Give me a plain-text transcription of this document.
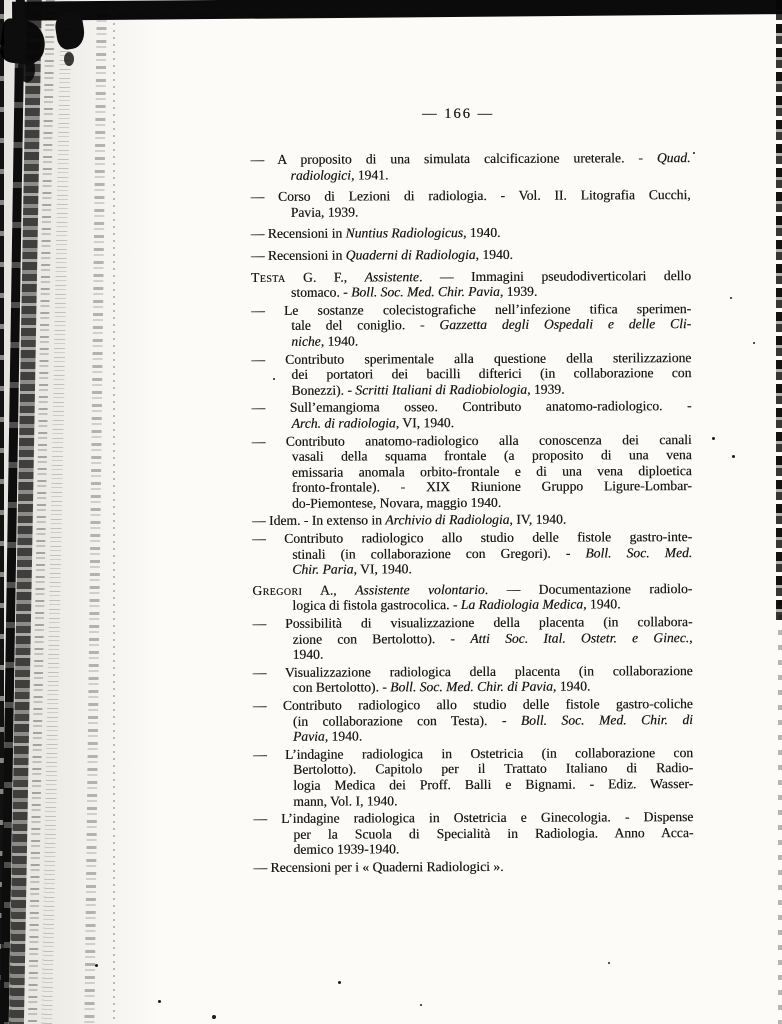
— 166 —
— A proposito di una simulata calcificazione ureterale. - Quad.
radiologici, 1941.
— Corso di Lezioni di radiologia. - Vol. II. Litografia Cucchi,
Pavia, 1939.
— Recensioni in Nuntius Radiologicus, 1940.
— Recensioni in Quaderni di Radiologia, 1940.
Testa G. F., Assistente. — Immagini pseudodiverticolari dello
stomaco. - Boll. Soc. Med. Chir. Pavia, 1939.
— Le sostanze colecistografiche nell’infezione tifica sperimen-
tale del coniglio. - Gazzetta degli Ospedali e delle Cli-
niche, 1940.
— Contributo sperimentale alla questione della sterilizzazione
dei portatori dei bacilli difterici (in collaborazione con
Bonezzi). - Scritti Italiani di Radiobiologia, 1939.
— Sull’emangioma osseo. Contributo anatomo-radiologico. -
Arch. di radiologia, VI, 1940.
— Contributo anatomo-radiologico alla conoscenza dei canali
vasali della squama frontale (a proposito di una vena
emissaria anomala orbito-frontale e di una vena diploetica
fronto-frontale). - XIX Riunione Gruppo Ligure-Lombar-
do-Piemontese, Novara, maggio 1940.
— Idem. - In extenso in Archivio di Radiologia, IV, 1940.
— Contributo radiologico allo studio delle fistole gastro-inte-
stinali (in collaborazione con Gregori). - Boll. Soc. Med.
Chir. Paria, VI, 1940.
Gregori A., Assistente volontario. — Documentazione radiolo-
logica di fistola gastrocolica. - La Radiologia Medica, 1940.
— Possibilità di visualizzazione della placenta (in collabora-
zione con Bertolotto). - Atti Soc. Ital. Ostetr. e Ginec.,
1940.
— Visualizzazione radiologica della placenta (in collaborazione
con Bertolotto). - Boll. Soc. Med. Chir. di Pavia, 1940.
— Contributo radiologico allo studio delle fistole gastro-coliche
(in collaborazione con Testa). - Boll. Soc. Med. Chir. di
Pavia, 1940.
— L’indagine radiologica in Ostetricia (in collaborazione con
Bertolotto). Capitolo per il Trattato Italiano di Radio-
logia Medica dei Proff. Balli e Bignami. - Ediz. Wasser-
mann, Vol. I, 1940.
— L’indagine radiologica in Ostetricia e Ginecologia. - Dispense
per la Scuola di Specialità in Radiologia. Anno Acca-
demico 1939-1940.
— Recensioni per i « Quaderni Radiologici ».
